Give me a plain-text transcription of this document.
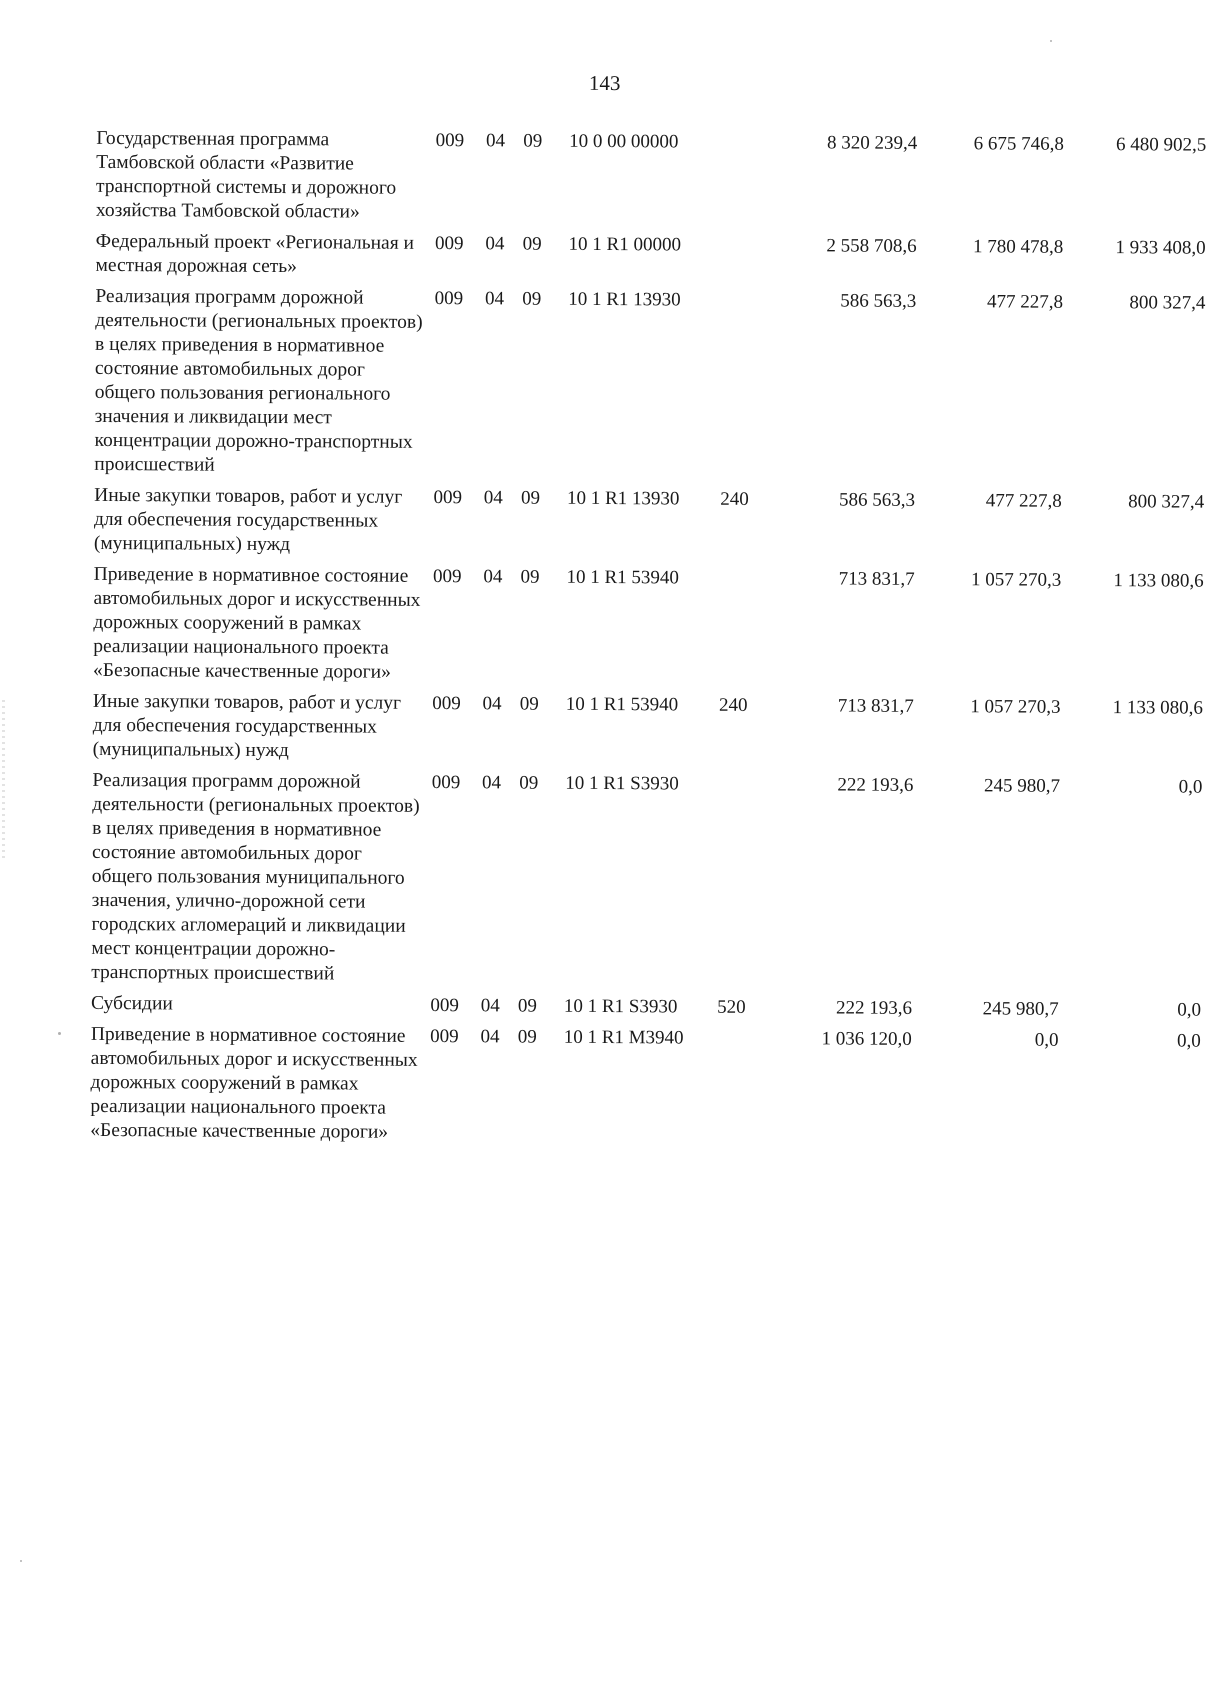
143
Государственная программа Тамбовской области «Развитие транспортной системы и дорожного хозяйства Тамбовской области»	009	04	09	10 0 00 00000		8 320 239,4	6 675 746,8	6 480 902,5
Федеральный проект «Региональная и местная дорожная сеть»	009	04	09	10 1 R1 00000		2 558 708,6	1 780 478,8	1 933 408,0
Реализация программ дорожной деятельности (региональных проектов) в целях приведения в нормативное состояние автомобильных дорог общего пользования регионального значения и ликвидации мест концентрации дорожно-транспортных происшествий	009	04	09	10 1 R1 13930		586 563,3	477 227,8	800 327,4
Иные закупки товаров, работ и услуг для обеспечения государственных (муниципальных) нужд	009	04	09	10 1 R1 13930	240	586 563,3	477 227,8	800 327,4
Приведение в нормативное состояние автомобильных дорог и искусственных дорожных сооружений в рамках реализации национального проекта «Безопасные качественные дороги»	009	04	09	10 1 R1 53940		713 831,7	1 057 270,3	1 133 080,6
Иные закупки товаров, работ и услуг для обеспечения государственных (муниципальных) нужд	009	04	09	10 1 R1 53940	240	713 831,7	1 057 270,3	1 133 080,6
Реализация программ дорожной деятельности (региональных проектов) в целях приведения в нормативное состояние автомобильных дорог общего пользования муниципального значения, улично-дорожной сети городских агломераций и ликвидации мест концентрации дорожно-транспортных происшествий	009	04	09	10 1 R1 S3930		222 193,6	245 980,7	0,0
Субсидии	009	04	09	10 1 R1 S3930	520	222 193,6	245 980,7	0,0
Приведение в нормативное состояние автомобильных дорог и искусственных дорожных сооружений в рамках реализации национального проекта «Безопасные качественные дороги»	009	04	09	10 1 R1 M3940		1 036 120,0	0,0	0,0
